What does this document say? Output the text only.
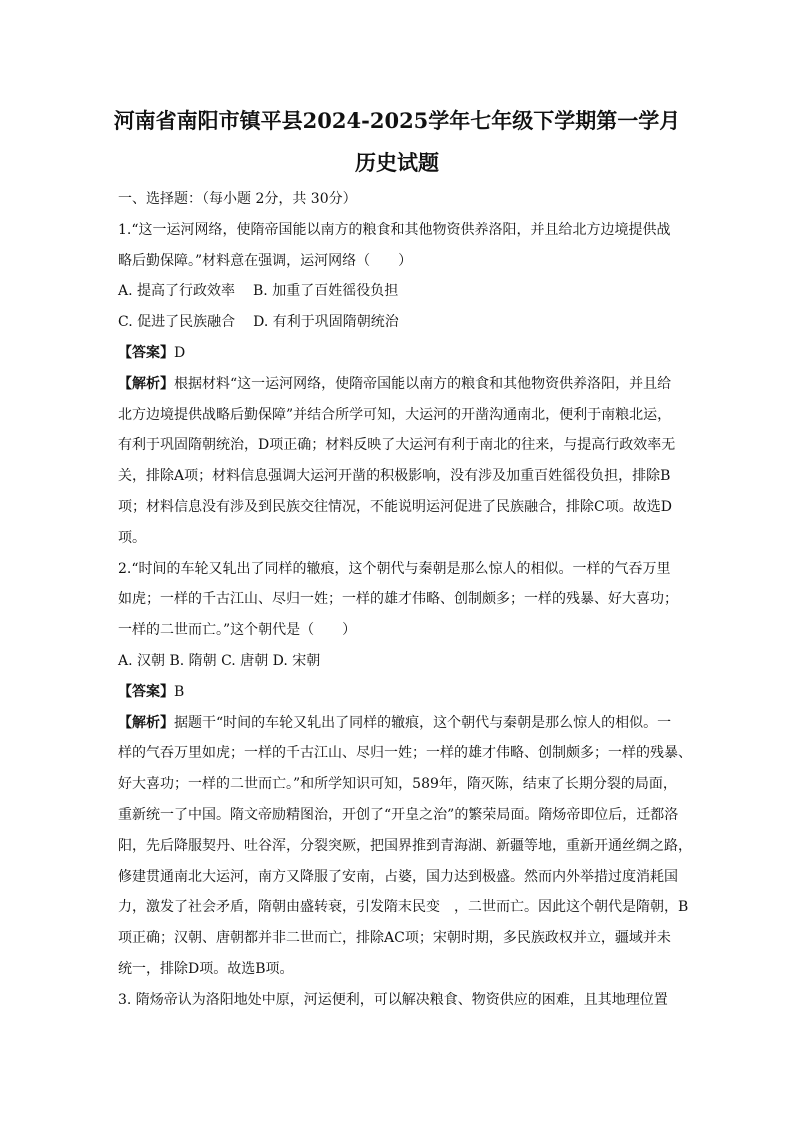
河南省南阳市镇平县2024-2025学年七年级下学期第一学月
历史试题
一、选择题：（每小题 2分，共 30分）
1.“这一运河网络，使隋帝国能以南方的粮食和其他物资供养洛阳，并且给北方边境提供战
略后勤保障。”材料意在强调，运河网络（　　）
A. 提高了行政效率 B. 加重了百姓徭役负担
C. 促进了民族融合 D. 有利于巩固隋朝统治
【答案】D
【解析】根据材料“这一运河网络，使隋帝国能以南方的粮食和其他物资供养洛阳，并且给
北方边境提供战略后勤保障”并结合所学可知，大运河的开凿沟通南北，便利于南粮北运，
有利于巩固隋朝统治，D项正确；材料反映了大运河有利于南北的往来，与提高行政效率无
关，排除A项；材料信息强调大运河开凿的积极影响，没有涉及加重百姓徭役负担，排除B
项；材料信息没有涉及到民族交往情况，不能说明运河促进了民族融合，排除C项。故选D
项。
2.“时间的车轮又轧出了同样的辙痕，这个朝代与秦朝是那么惊人的相似。一样的气吞万里
如虎；一样的千古江山、尽归一姓；一样的雄才伟略、创制颇多；一样的残暴、好大喜功；
一样的二世而亡。”这个朝代是（　　）
A. 汉朝 B. 隋朝 C. 唐朝 D. 宋朝
【答案】B
【解析】据题干“时间的车轮又轧出了同样的辙痕，这个朝代与秦朝是那么惊人的相似。一
样的气吞万里如虎；一样的千古江山、尽归一姓；一样的雄才伟略、创制颇多；一样的残暴、
好大喜功；一样的二世而亡。”和所学知识可知，589年，隋灭陈，结束了长期分裂的局面，
重新统一了中国。隋文帝励精图治，开创了“开皇之治”的繁荣局面。隋炀帝即位后，迁都洛
阳，先后降服契丹、吐谷浑，分裂突厥，把国界推到青海湖、新疆等地，重新开通丝绸之路，
修建贯通南北大运河，南方又降服了安南，占婆，国力达到极盛。然而内外举措过度消耗国
力，激发了社会矛盾，隋朝由盛转衰，引发隋末民变　，二世而亡。因此这个朝代是隋朝，B
项正确；汉朝、唐朝都并非二世而亡，排除AC项；宋朝时期，多民族政权并立，疆域并未
统一，排除D项。故选B项。
3. 隋炀帝认为洛阳地处中原，河运便利，可以解决粮食、物资供应的困难，且其地理位置
